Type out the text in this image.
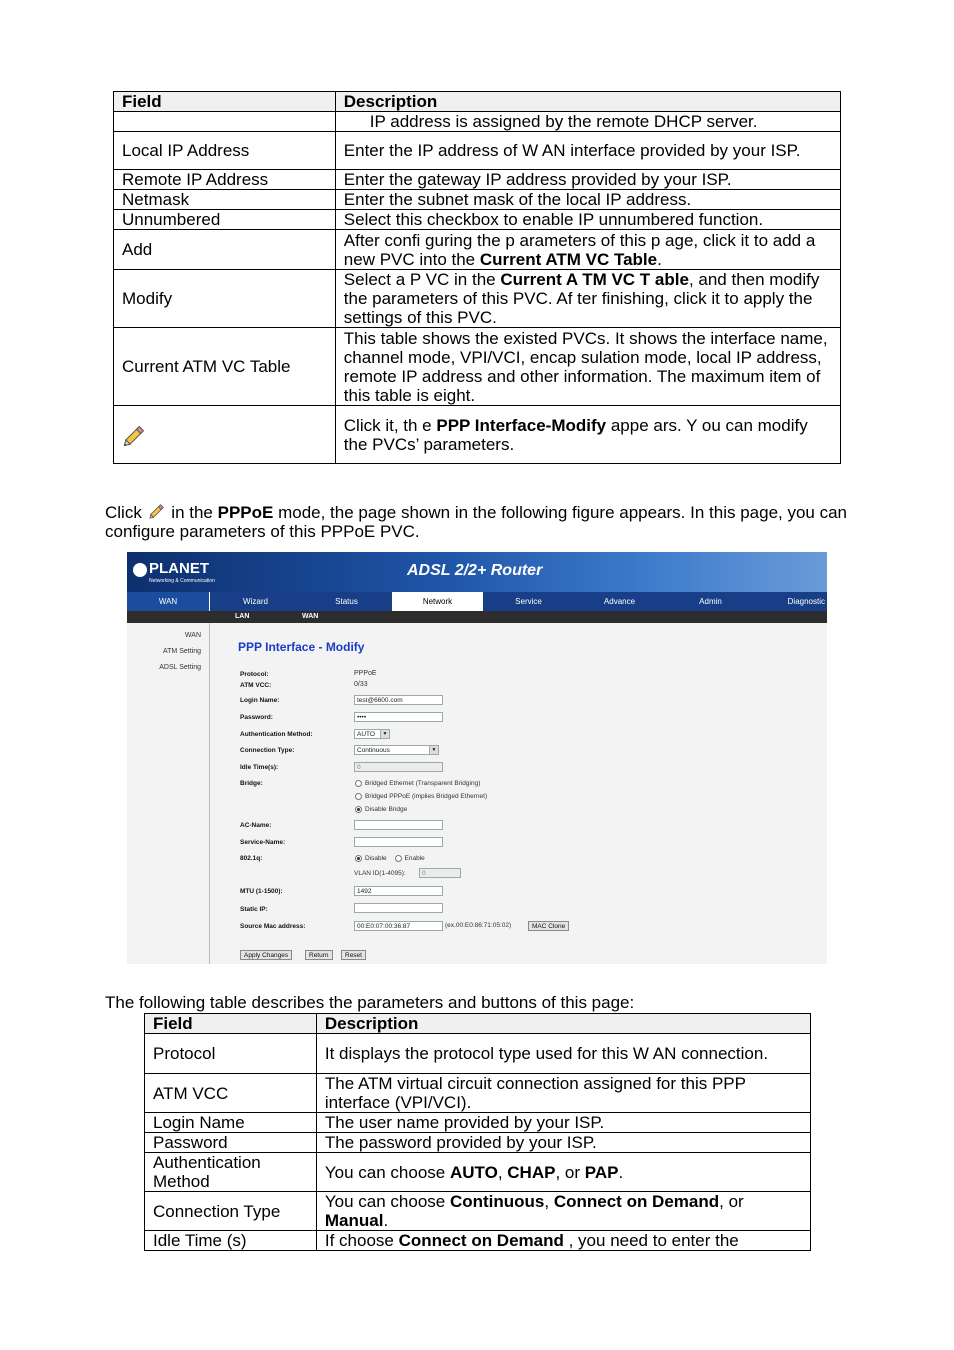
Field	Description
	IP address is assigned by the remote DHCP server.
Local IP Address	Enter the IP address of W AN interface provided by your ISP.
Remote IP Address	Enter the gateway IP address provided by your ISP.
Netmask	Enter the subnet mask of the local IP address.
Unnumbered	Select this checkbox to enable IP unnumbered function.
Add	After confi guring the p arameters of this p age, click it to add a new PVC into the Current ATM VC Table.
Modify	Select a P VC in the Current A TM VC T able, and then modify the parameters of this PVC. Af ter finishing, click it to apply the settings of this PVC.
Current ATM VC Table	This table shows the existed PVCs. It shows the interface name, channel mode, VPI/VCI, encap sulation mode, local IP address, remote IP address and other information. The maximum item of this table is eight.
	Click it, th e PPP Interface-Modify appe ars. Y ou can modify the PVCs’ parameters.
Click  in the PPPoE mode, the page shown in the following figure appears. In this page, you can configure parameters of this PPPoE PVC.
PLANET
Networking & Communication
ADSL 2/2+ Router
WAN	Wizard	Status	Network	Service	Advance	Admin	Diagnostic
LAN	WAN
WAN
ATM Setting
ADSL Setting
PPP Interface - Modify
Protocol:	PPPoE
ATM VCC:	0/33
Login Name:	test@6600.com
Password:	••••
Authentication Method:	AUTO	▼
Connection Type:	Continuous	▼
Idle Time(s):	0
Bridge:	Bridged Ethernet (Transparent Bridging)
Bridged PPPoE (implies Bridged Ethernet)
Disable Bridge
AC-Name:
Service-Name:
802.1q:	Disable	Enable
VLAN ID(1-4095):	0
MTU (1-1500):	1492
Static IP:
Source Mac address:	00:E0:07:00:36:87	(ex.00:E0:86:71:05:02)	MAC Clone
Apply Changes	Return	Reset
The following table describes the parameters and buttons of this page:
Field	Description
Protocol	It displays the protocol type used for this W AN connection.
ATM VCC	The ATM virtual circuit connection assigned for this PPP interface (VPI/VCI).
Login Name	The user name provided by your ISP.
Password	The password provided by your ISP.
Authentication Method	You can choose AUTO, CHAP, or PAP.
Connection Type	You can choose Continuous, Connect on Demand, or Manual.
Idle Time (s)	If choose Connect on Demand , you need to enter the
